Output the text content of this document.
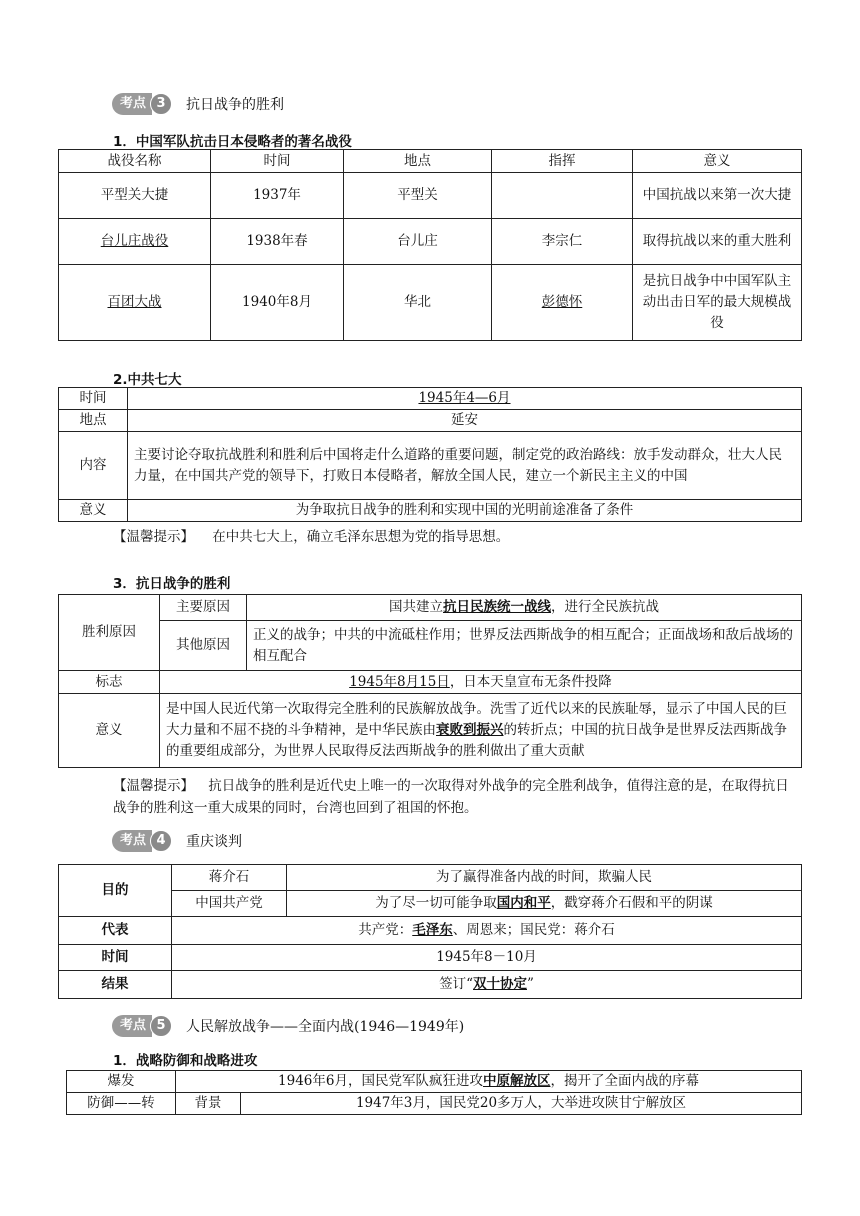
考点 3	抗日战争的胜利
1．中国军队抗击日本侵略者的著名战役
战役名称	时间	地点	指挥	意义
平型关大捷	1937年	平型关		中国抗战以来第一次大捷
台儿庄战役	1938年春	台儿庄	李宗仁	取得抗战以来的重大胜利
百团大战	1940年8月	华北	彭德怀	是抗日战争中中国军队主动出击日军的最大规模战役
2.中共七大
时间	1945年4—6月
地点	延安
内容	主要讨论夺取抗战胜利和胜利后中国将走什么道路的重要问题，制定党的政治路线：放手发动群众，壮大人民力量，在中国共产党的领导下，打败日本侵略者，解放全国人民，建立一个新民主主义的中国
意义	为争取抗日战争的胜利和实现中国的光明前途准备了条件
【温馨提示】 在中共七大上，确立毛泽东思想为党的指导思想。
3．抗日战争的胜利
胜利原因	主要原因	国共建立抗日民族统一战线，进行全民族抗战
	其他原因	正义的战争；中共的中流砥柱作用；世界反法西斯战争的相互配合；正面战场和敌后战场的相互配合
标志	1945年8月15日，日本天皇宣布无条件投降	
意义	是中国人民近代第一次取得完全胜利的民族解放战争。洗雪了近代以来的民族耻辱，显示了中国人民的巨大力量和不屈不挠的斗争精神，是中华民族由衰败到振兴的转折点；中国的抗日战争是世界反法西斯战争的重要组成部分，为世界人民取得反法西斯战争的胜利做出了重大贡献	
【温馨提示】 抗日战争的胜利是近代史上唯一的一次取得对外战争的完全胜利战争，值得注意的是，在取得抗日战争的胜利这一重大成果的同时，台湾也回到了祖国的怀抱。
考点 4	重庆谈判
目的	蒋介石	为了赢得准备内战的时间，欺骗人民
	中国共产党	为了尽一切可能争取国内和平，戳穿蒋介石假和平的阴谋
代表	共产党：毛泽东、周恩来；国民党：蒋介石	
时间	1945年8－10月	
结果	签订“双十协定”	
考点 5	人民解放战争——全面内战(1946—1949年)
1．战略防御和战略进攻
爆发	1946年6月，国民党军队疯狂进攻中原解放区，揭开了全面内战的序幕	
防御——转	背景	1947年3月，国民党20多万人，大举进攻陕甘宁解放区
